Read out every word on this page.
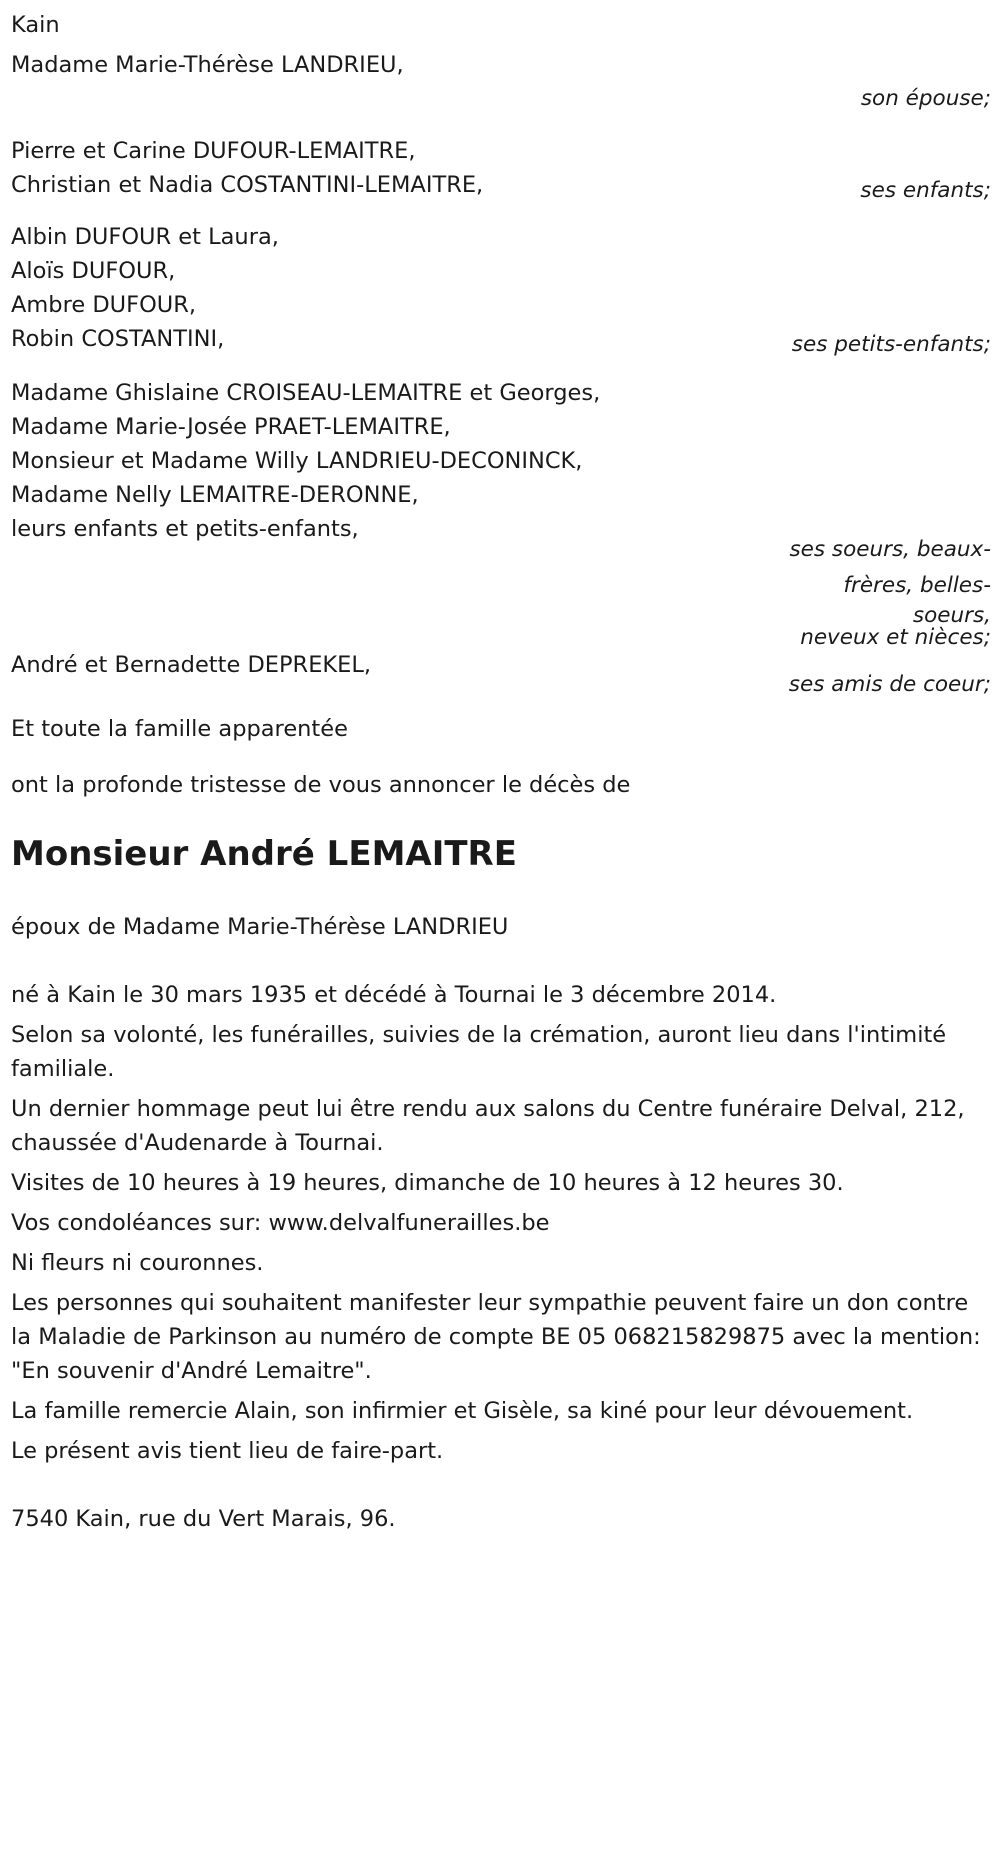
Kain
Madame Marie-Thérèse LANDRIEU,
son épouse;
Pierre et Carine DUFOUR-LEMAITRE,
Christian et Nadia COSTANTINI-LEMAITRE,	ses enfants;
Albin DUFOUR et Laura,
Aloïs DUFOUR,
Ambre DUFOUR,
Robin COSTANTINI,	ses petits-enfants;
Madame Ghislaine CROISEAU-LEMAITRE et Georges,
Madame Marie-Josée PRAET-LEMAITRE,
Monsieur et Madame Willy LANDRIEU-DECONINCK,
Madame Nelly LEMAITRE-DERONNE,
leurs enfants et petits-enfants,
ses soeurs, beaux-
frères, belles-
soeurs,
neveux et nièces;
André et Bernadette DEPREKEL,
ses amis de coeur;
Et toute la famille apparentée
ont la profonde tristesse de vous annoncer le décès de
Monsieur André LEMAITRE
époux de Madame Marie-Thérèse LANDRIEU
né à Kain le 30 mars 1935 et décédé à Tournai le 3 décembre 2014.
Selon sa volonté, les funérailles, suivies de la crémation, auront lieu dans l'intimité familiale.
Un dernier hommage peut lui être rendu aux salons du Centre funéraire Delval, 212, chaussée d'Audenarde à Tournai.
Visites de 10 heures à 19 heures, dimanche de 10 heures à 12 heures 30.
Vos condoléances sur: www.delvalfunerailles.be
Ni fleurs ni couronnes.
Les personnes qui souhaitent manifester leur sympathie peuvent faire un don contre la Maladie de Parkinson au numéro de compte BE 05 068215829875 avec la mention: "En souvenir d'André Lemaitre".
La famille remercie Alain, son infirmier et Gisèle, sa kiné pour leur dévouement.
Le présent avis tient lieu de faire-part.
7540 Kain, rue du Vert Marais, 96.
